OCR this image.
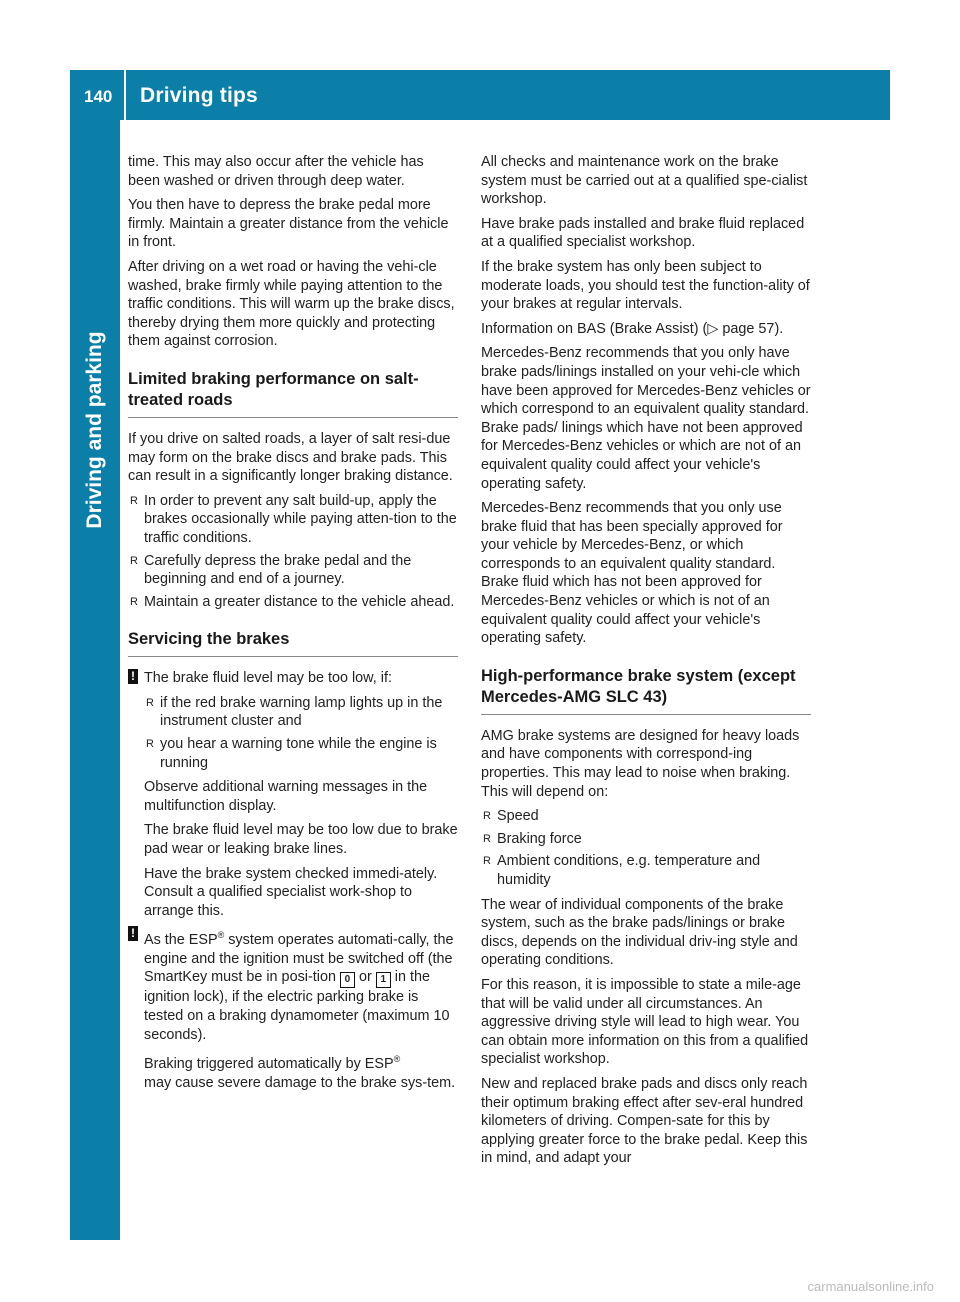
140 Driving tips
Driving and parking

time. This may also occur after the vehicle has been washed or driven through deep water.

You then have to depress the brake pedal more firmly. Maintain a greater distance from the vehicle in front.

After driving on a wet road or having the vehi-cle washed, brake firmly while paying attention to the traffic conditions. This will warm up the brake discs, thereby drying them more quickly and protecting them against corrosion.

Limited braking performance on salt-treated roads

If you drive on salted roads, a layer of salt resi-due may form on the brake discs and brake pads. This can result in a significantly longer braking distance.

R In order to prevent any salt build-up, apply the brakes occasionally while paying atten-tion to the traffic conditions.
R Carefully depress the brake pedal and the beginning and end of a journey.
R Maintain a greater distance to the vehicle ahead.
Servicing the brakes
! The brake fluid level may be too low, if:

R if the red brake warning lamp lights up in the instrument cluster and
R you hear a warning tone while the engine is running

Observe additional warning messages in the multifunction display.

The brake fluid level may be too low due to brake pad wear or leaking brake lines.

Have the brake system checked immedi-ately. Consult a qualified specialist work-shop to arrange this.

! As the ESP® system operates automati-cally, the engine and the ignition must be switched off (the SmartKey must be in posi-tion 0 or 1 in the ignition lock), if the electric parking brake is tested on a braking dynamometer (maximum 10 seconds).

Braking triggered automatically by ESP®
may cause severe damage to the brake sys-tem.

All checks and maintenance work on the brake system must be carried out at a qualified spe-cialist workshop.

Have brake pads installed and brake fluid replaced at a qualified specialist workshop.

If the brake system has only been subject to moderate loads, you should test the function-ality of your brakes at regular intervals.

Information on BAS (Brake Assist) (▷ page 57).

Mercedes-Benz recommends that you only have brake pads/linings installed on your vehi-cle which have been approved for Mercedes-Benz vehicles or which correspond to an equivalent quality standard. Brake pads/ linings which have not been approved for Mercedes-Benz vehicles or which are not of an equivalent quality could affect your vehicle's operating safety.

Mercedes-Benz recommends that you only use brake fluid that has been specially approved for your vehicle by Mercedes-Benz, or which corresponds to an equivalent quality standard. Brake fluid which has not been approved for Mercedes-Benz vehicles or which is not of an equivalent quality could affect your vehicle's operating safety.

High-performance brake system (except Mercedes-AMG SLC 43)

AMG brake systems are designed for heavy loads and have components with correspond-ing properties. This may lead to noise when braking. This will depend on:

R Speed
R Braking force
R Ambient conditions, e.g. temperature and humidity

The wear of individual components of the brake system, such as the brake pads/linings or brake discs, depends on the individual driv-ing style and operating conditions.

For this reason, it is impossible to state a mile-age that will be valid under all circumstances. An aggressive driving style will lead to high wear. You can obtain more information on this from a qualified specialist workshop.

New and replaced brake pads and discs only reach their optimum braking effect after sev-eral hundred kilometers of driving. Compen-sate for this by applying greater force to the brake pedal. Keep this in mind, and adapt your

carmanualsonline.info
